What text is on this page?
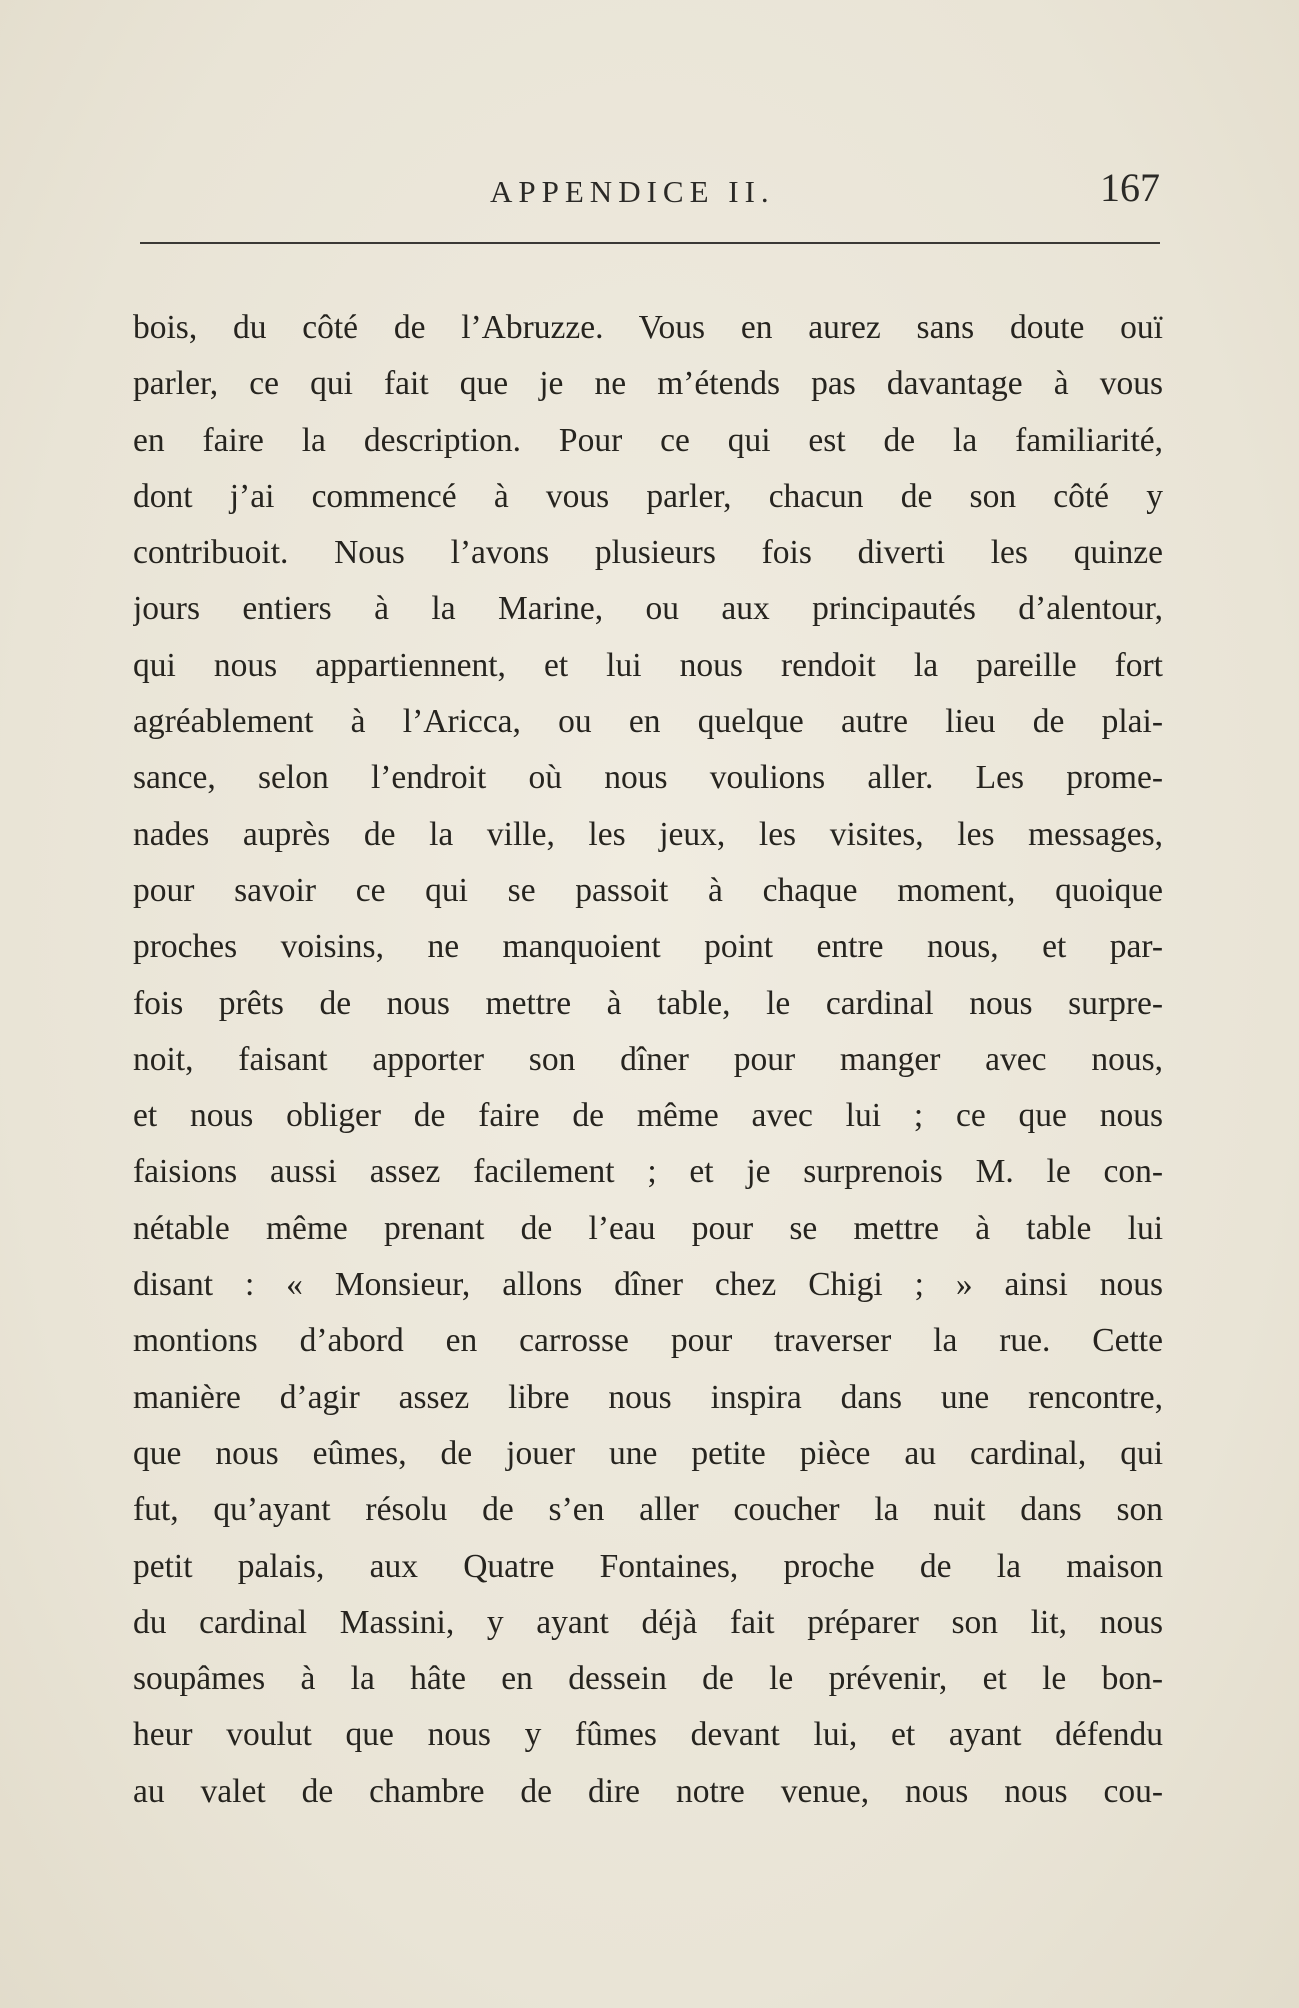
APPENDICE II.	167
bois, du côté de l’Abruzze. Vous en aurez sans doute ouï
parler, ce qui fait que je ne m’étends pas davantage à vous
en faire la description. Pour ce qui est de la familiarité,
dont j’ai commencé à vous parler, chacun de son côté y
contribuoit. Nous l’avons plusieurs fois diverti les quinze
jours entiers à la Marine, ou aux principautés d’alentour,
qui nous appartiennent, et lui nous rendoit la pareille fort
agréablement à l’Aricca, ou en quelque autre lieu de plai-
sance, selon l’endroit où nous voulions aller. Les prome-
nades auprès de la ville, les jeux, les visites, les messages,
pour savoir ce qui se passoit à chaque moment, quoique
proches voisins, ne manquoient point entre nous, et par-
fois prêts de nous mettre à table, le cardinal nous surpre-
noit, faisant apporter son dîner pour manger avec nous,
et nous obliger de faire de même avec lui ; ce que nous
faisions aussi assez facilement ; et je surprenois M. le con-
nétable même prenant de l’eau pour se mettre à table lui
disant : « Monsieur, allons dîner chez Chigi ; » ainsi nous
montions d’abord en carrosse pour traverser la rue. Cette
manière d’agir assez libre nous inspira dans une rencontre,
que nous eûmes, de jouer une petite pièce au cardinal, qui
fut, qu’ayant résolu de s’en aller coucher la nuit dans son
petit palais, aux Quatre Fontaines, proche de la maison
du cardinal Massini, y ayant déjà fait préparer son lit, nous
soupâmes à la hâte en dessein de le prévenir, et le bon-
heur voulut que nous y fûmes devant lui, et ayant défendu
au valet de chambre de dire notre venue, nous nous cou-
